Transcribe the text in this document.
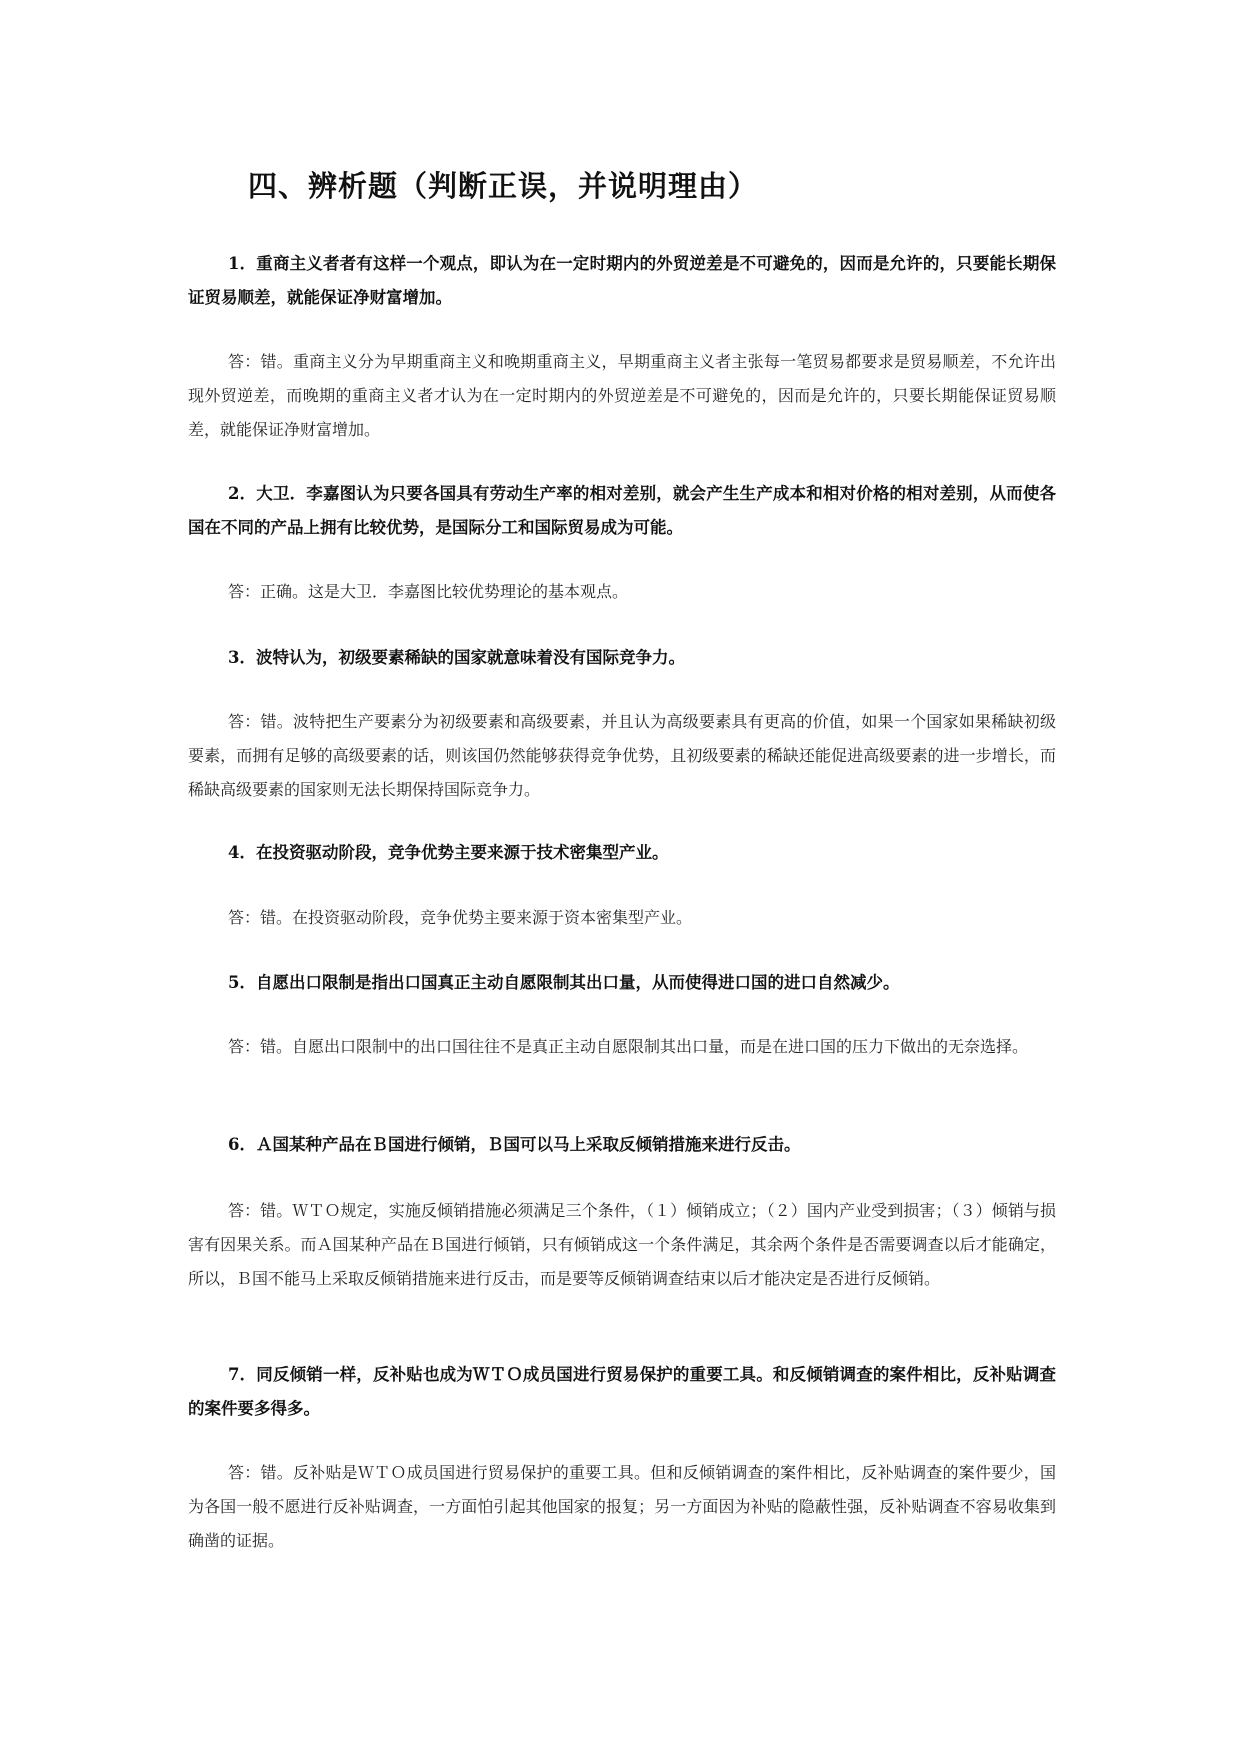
四、辨析题（判断正误，并说明理由）

1．重商主义者者有这样一个观点，即认为在一定时期内的外贸逆差是不可避免的，因而是允许的，只要能长期保证贸易顺差，就能保证净财富增加。

答：错。重商主义分为早期重商主义和晚期重商主义，早期重商主义者主张每一笔贸易都要求是贸易顺差，不允许出现外贸逆差，而晚期的重商主义者才认为在一定时期内的外贸逆差是不可避免的，因而是允许的，只要长期能保证贸易顺差，就能保证净财富增加。

2．大卫．李嘉图认为只要各国具有劳动生产率的相对差别，就会产生生产成本和相对价格的相对差别，从而使各国在不同的产品上拥有比较优势，是国际分工和国际贸易成为可能。

答：正确。这是大卫．李嘉图比较优势理论的基本观点。

3．波特认为，初级要素稀缺的国家就意味着没有国际竞争力。

答：错。波特把生产要素分为初级要素和高级要素，并且认为高级要素具有更高的价值，如果一个国家如果稀缺初级要素，而拥有足够的高级要素的话，则该国仍然能够获得竞争优势，且初级要素的稀缺还能促进高级要素的进一步增长，而稀缺高级要素的国家则无法长期保持国际竞争力。

4．在投资驱动阶段，竞争优势主要来源于技术密集型产业。

答：错。在投资驱动阶段，竞争优势主要来源于资本密集型产业。

5．自愿出口限制是指出口国真正主动自愿限制其出口量，从而使得进口国的进口自然减少。

答：错。自愿出口限制中的出口国往往不是真正主动自愿限制其出口量，而是在进口国的压力下做出的无奈选择。

6．Ａ国某种产品在Ｂ国进行倾销，Ｂ国可以马上采取反倾销措施来进行反击。

答：错。ＷＴＯ规定，实施反倾销措施必须满足三个条件，（１）倾销成立；（２）国内产业受到损害；（３）倾销与损害有因果关系。而Ａ国某种产品在Ｂ国进行倾销，只有倾销成这一个条件满足，其余两个条件是否需要调查以后才能确定，所以，Ｂ国不能马上采取反倾销措施来进行反击，而是要等反倾销调查结束以后才能决定是否进行反倾销。

7．同反倾销一样，反补贴也成为ＷＴＯ成员国进行贸易保护的重要工具。和反倾销调查的案件相比，反补贴调查的案件要多得多。

答：错。反补贴是ＷＴＯ成员国进行贸易保护的重要工具。但和反倾销调查的案件相比，反补贴调查的案件要少，国为各国一般不愿进行反补贴调查，一方面怕引起其他国家的报复；另一方面因为补贴的隐蔽性强，反补贴调查不容易收集到确凿的证据。
